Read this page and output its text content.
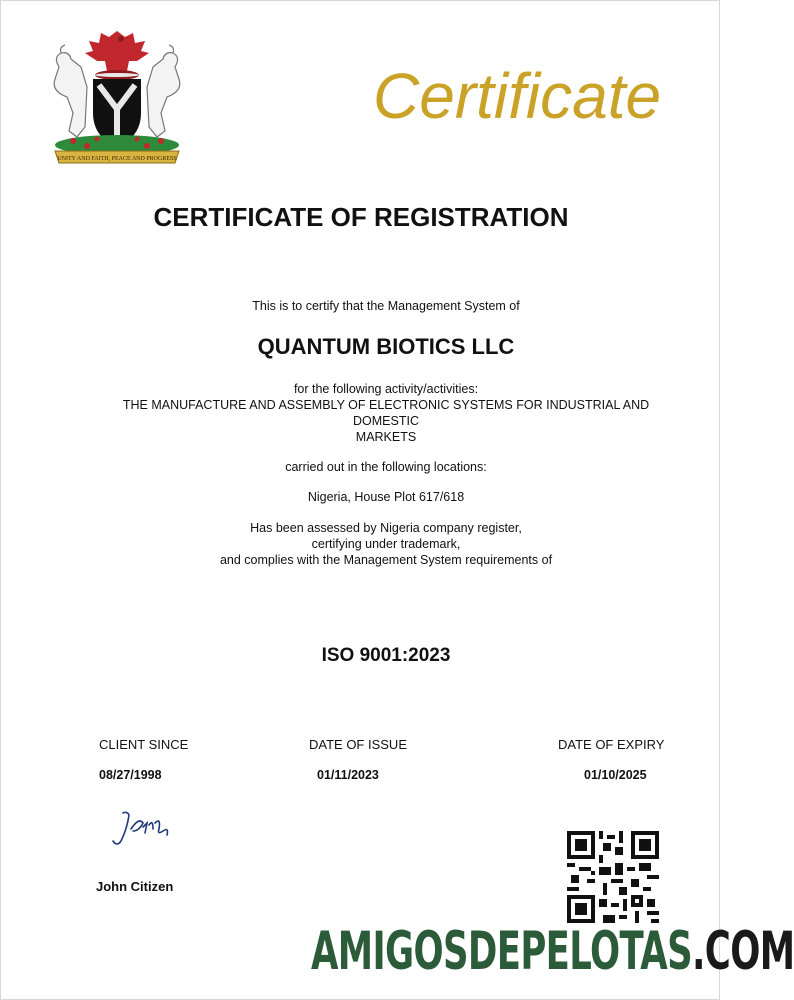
UNITY AND FAITH, PEACE AND PROGRESS
Certificate
CERTIFICATE OF REGISTRATION
This is to certify that the Management System of
QUANTUM BIOTICS LLC
for the following activity/activities:
THE MANUFACTURE AND ASSEMBLY OF ELECTRONIC SYSTEMS FOR INDUSTRIAL AND
DOMESTIC
MARKETS
carried out in the following locations:
Nigeria, House Plot 617/618
Has been assessed by Nigeria company register,
certifying under trademark,
and complies with the Management System requirements of
ISO 9001:2023
CLIENT SINCE	DATE OF ISSUE	DATE OF EXPIRY
08/27/1998	01/11/2023	01/10/2025
John Citizen
AMIGOSDEPELOTAS.COM
